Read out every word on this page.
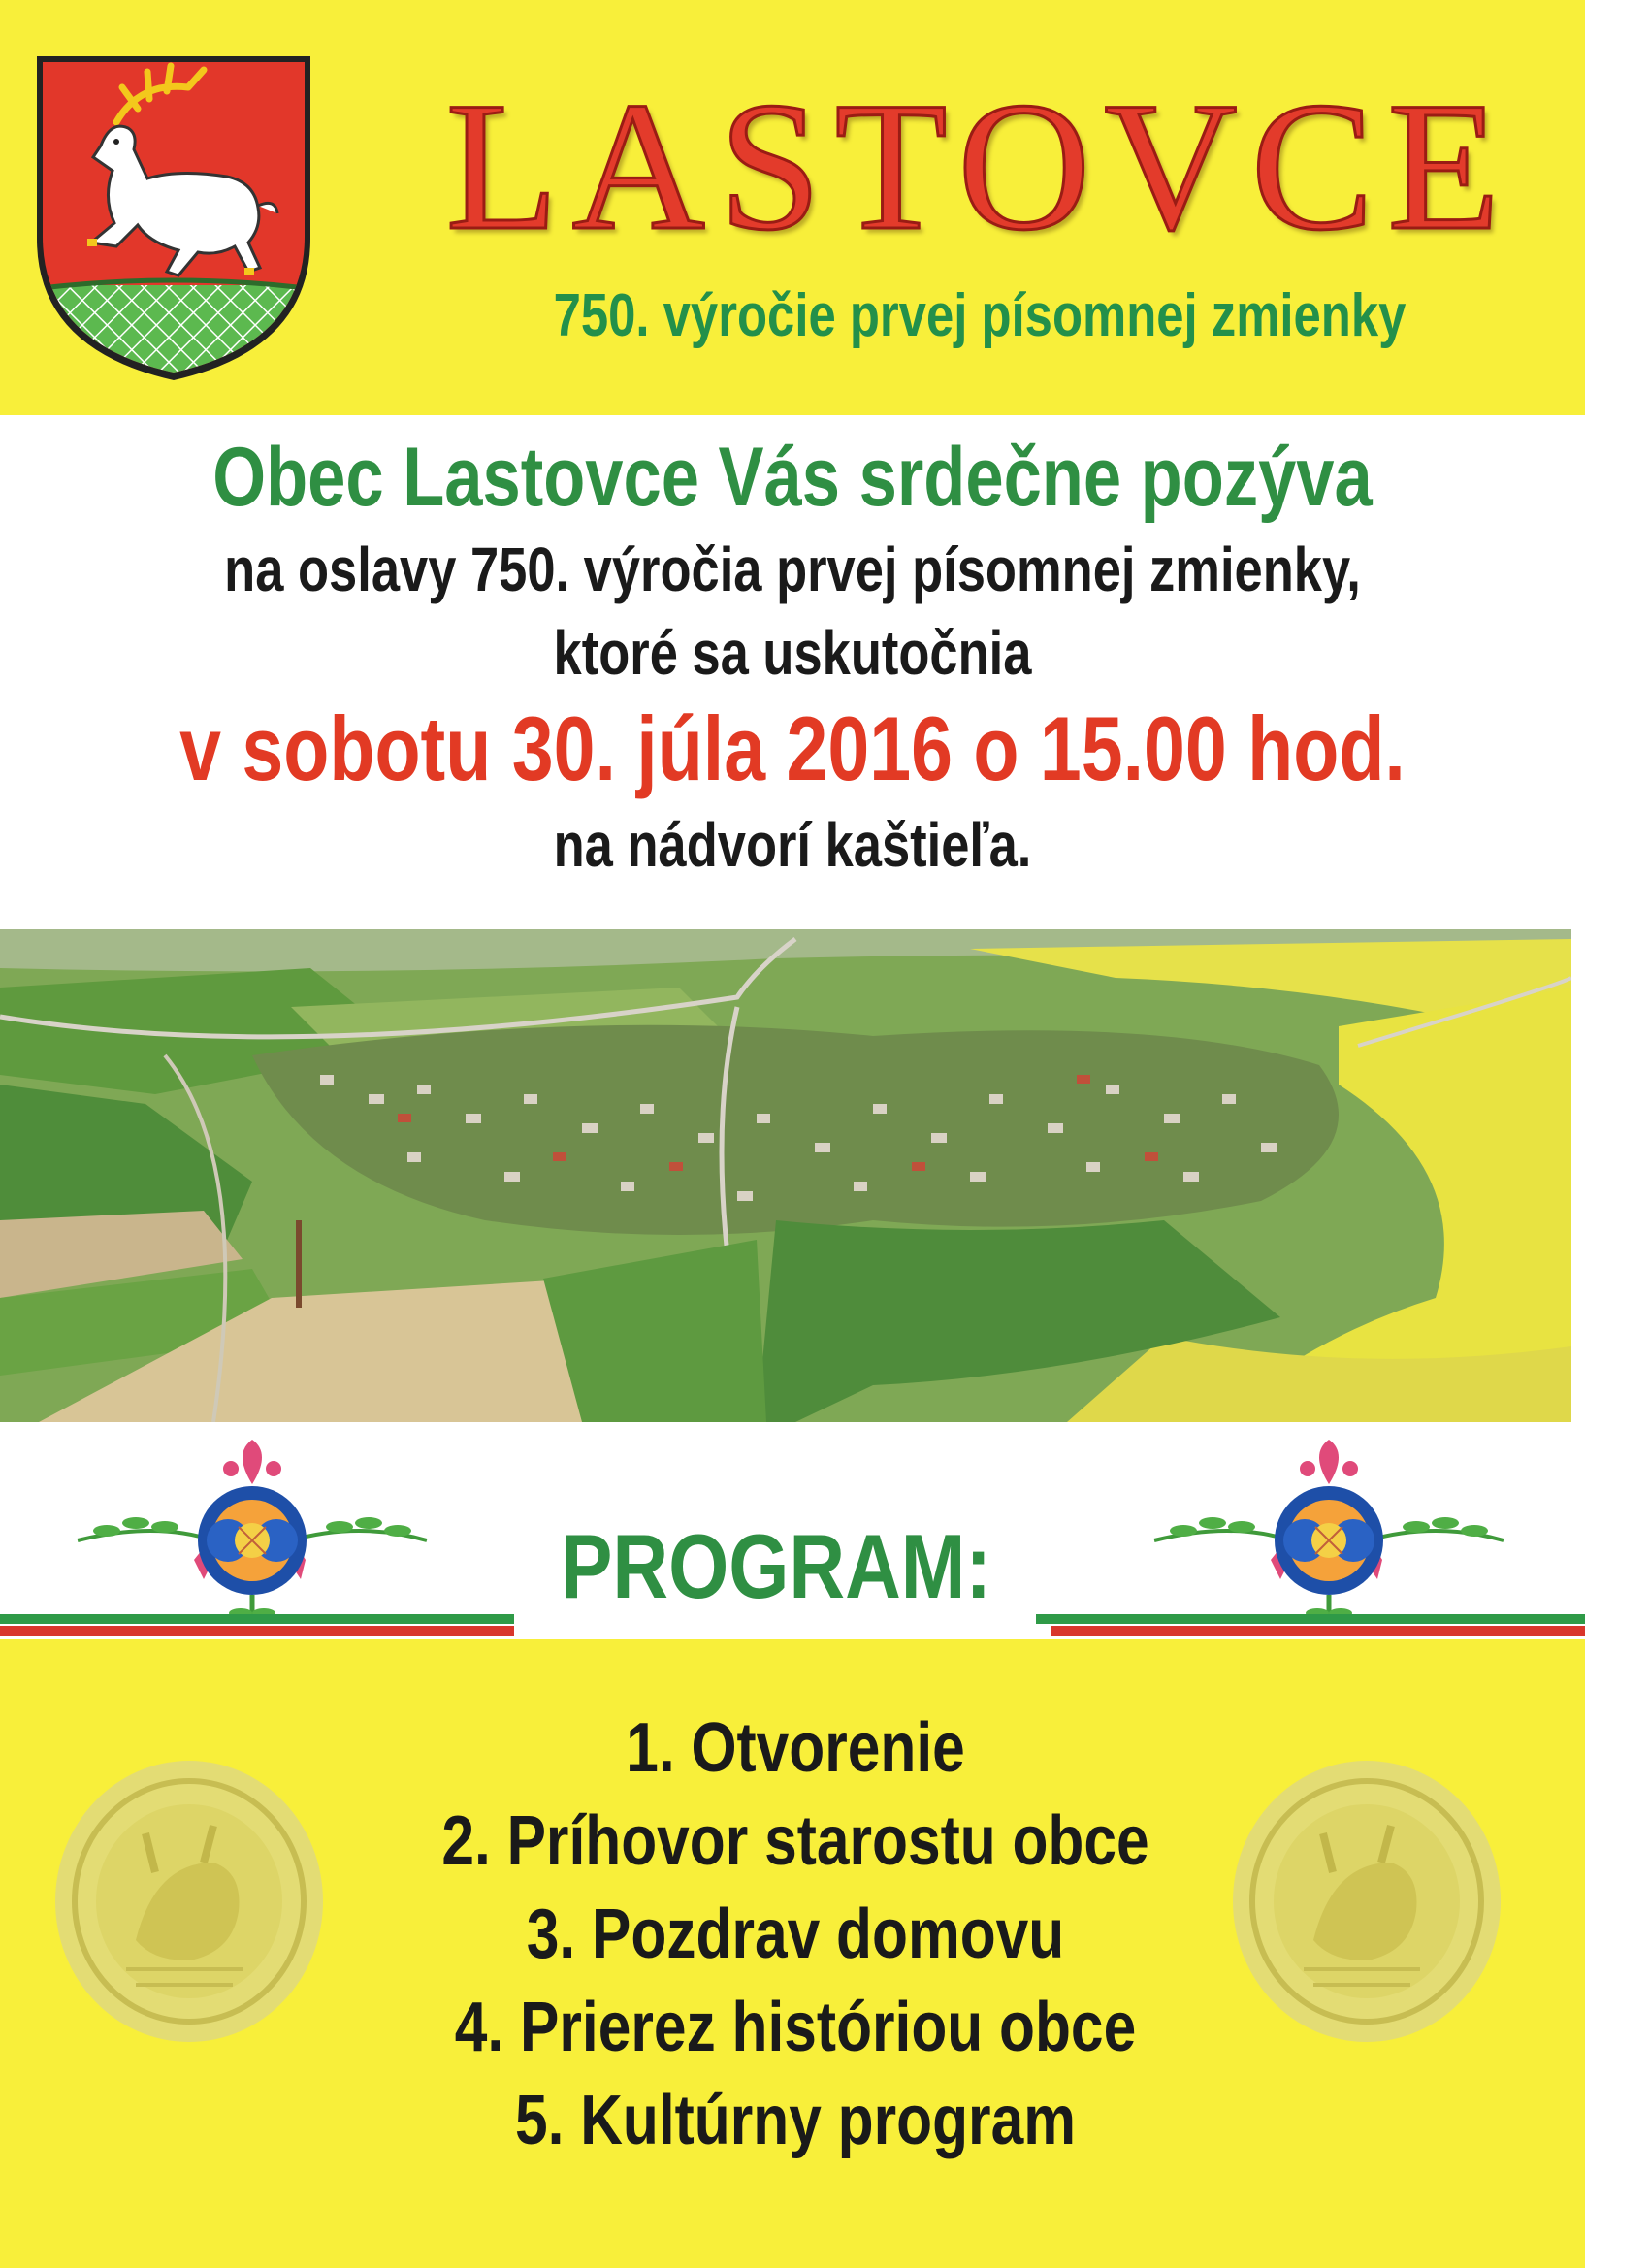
LASTOVCE
750. výročie prvej písomnej zmienky
Obec Lastovce Vás srdečne pozýva
na oslavy 750. výročia prvej písomnej zmienky,
ktoré sa uskutočnia
v sobotu 30. júla 2016 o 15.00 hod.
na nádvorí kaštieľa.
PROGRAM:
1. Otvorenie
2. Príhovor starostu obce
3. Pozdrav domovu
4. Prierez históriou obce
5. Kultúrny program
